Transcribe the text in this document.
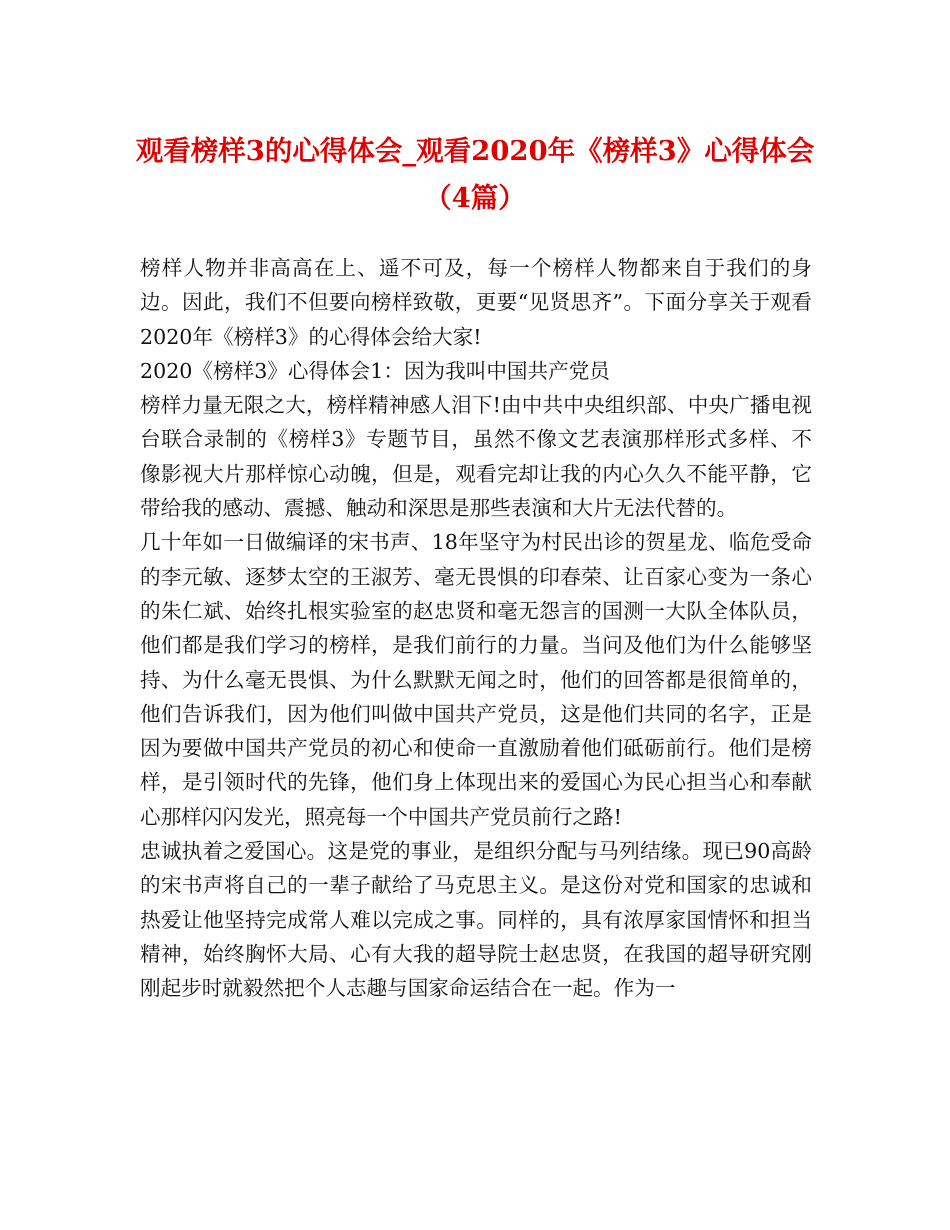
观看榜样3的心得体会_观看2020年《榜样3》心得体会（4篇）

榜样人物并非高高在上、遥不可及，每一个榜样人物都来自于我们的身边。因此，我们不但要向榜样致敬，更要“见贤思齐”。下面分享关于观看2020年《榜样3》的心得体会给大家!

2020《榜样3》心得体会1：因为我叫中国共产党员

榜样力量无限之大，榜样精神感人泪下!由中共中央组织部、中央广播电视台联合录制的《榜样3》专题节目，虽然不像文艺表演那样形式多样、不像影视大片那样惊心动魄，但是，观看完却让我的内心久久不能平静，它带给我的感动、震撼、触动和深思是那些表演和大片无法代替的。

几十年如一日做编译的宋书声、18年坚守为村民出诊的贺星龙、临危受命的李元敏、逐梦太空的王淑芳、毫无畏惧的印春荣、让百家心变为一条心的朱仁斌、始终扎根实验室的赵忠贤和毫无怨言的国测一大队全体队员，他们都是我们学习的榜样，是我们前行的力量。当问及他们为什么能够坚持、为什么毫无畏惧、为什么默默无闻之时，他们的回答都是很简单的，他们告诉我们，因为他们叫做中国共产党员，这是他们共同的名字，正是因为要做中国共产党员的初心和使命一直激励着他们砥砺前行。他们是榜样，是引领时代的先锋，他们身上体现出来的爱国心为民心担当心和奉献心那样闪闪发光，照亮每一个中国共产党员前行之路!

忠诚执着之爱国心。这是党的事业，是组织分配与马列结缘。现已90高龄的宋书声将自己的一辈子献给了马克思主义。是这份对党和国家的忠诚和热爱让他坚持完成常人难以完成之事。同样的，具有浓厚家国情怀和担当精神，始终胸怀大局、心有大我的超导院士赵忠贤，在我国的超导研究刚刚起步时就毅然把个人志趣与国家命运结合在一起。作为一
